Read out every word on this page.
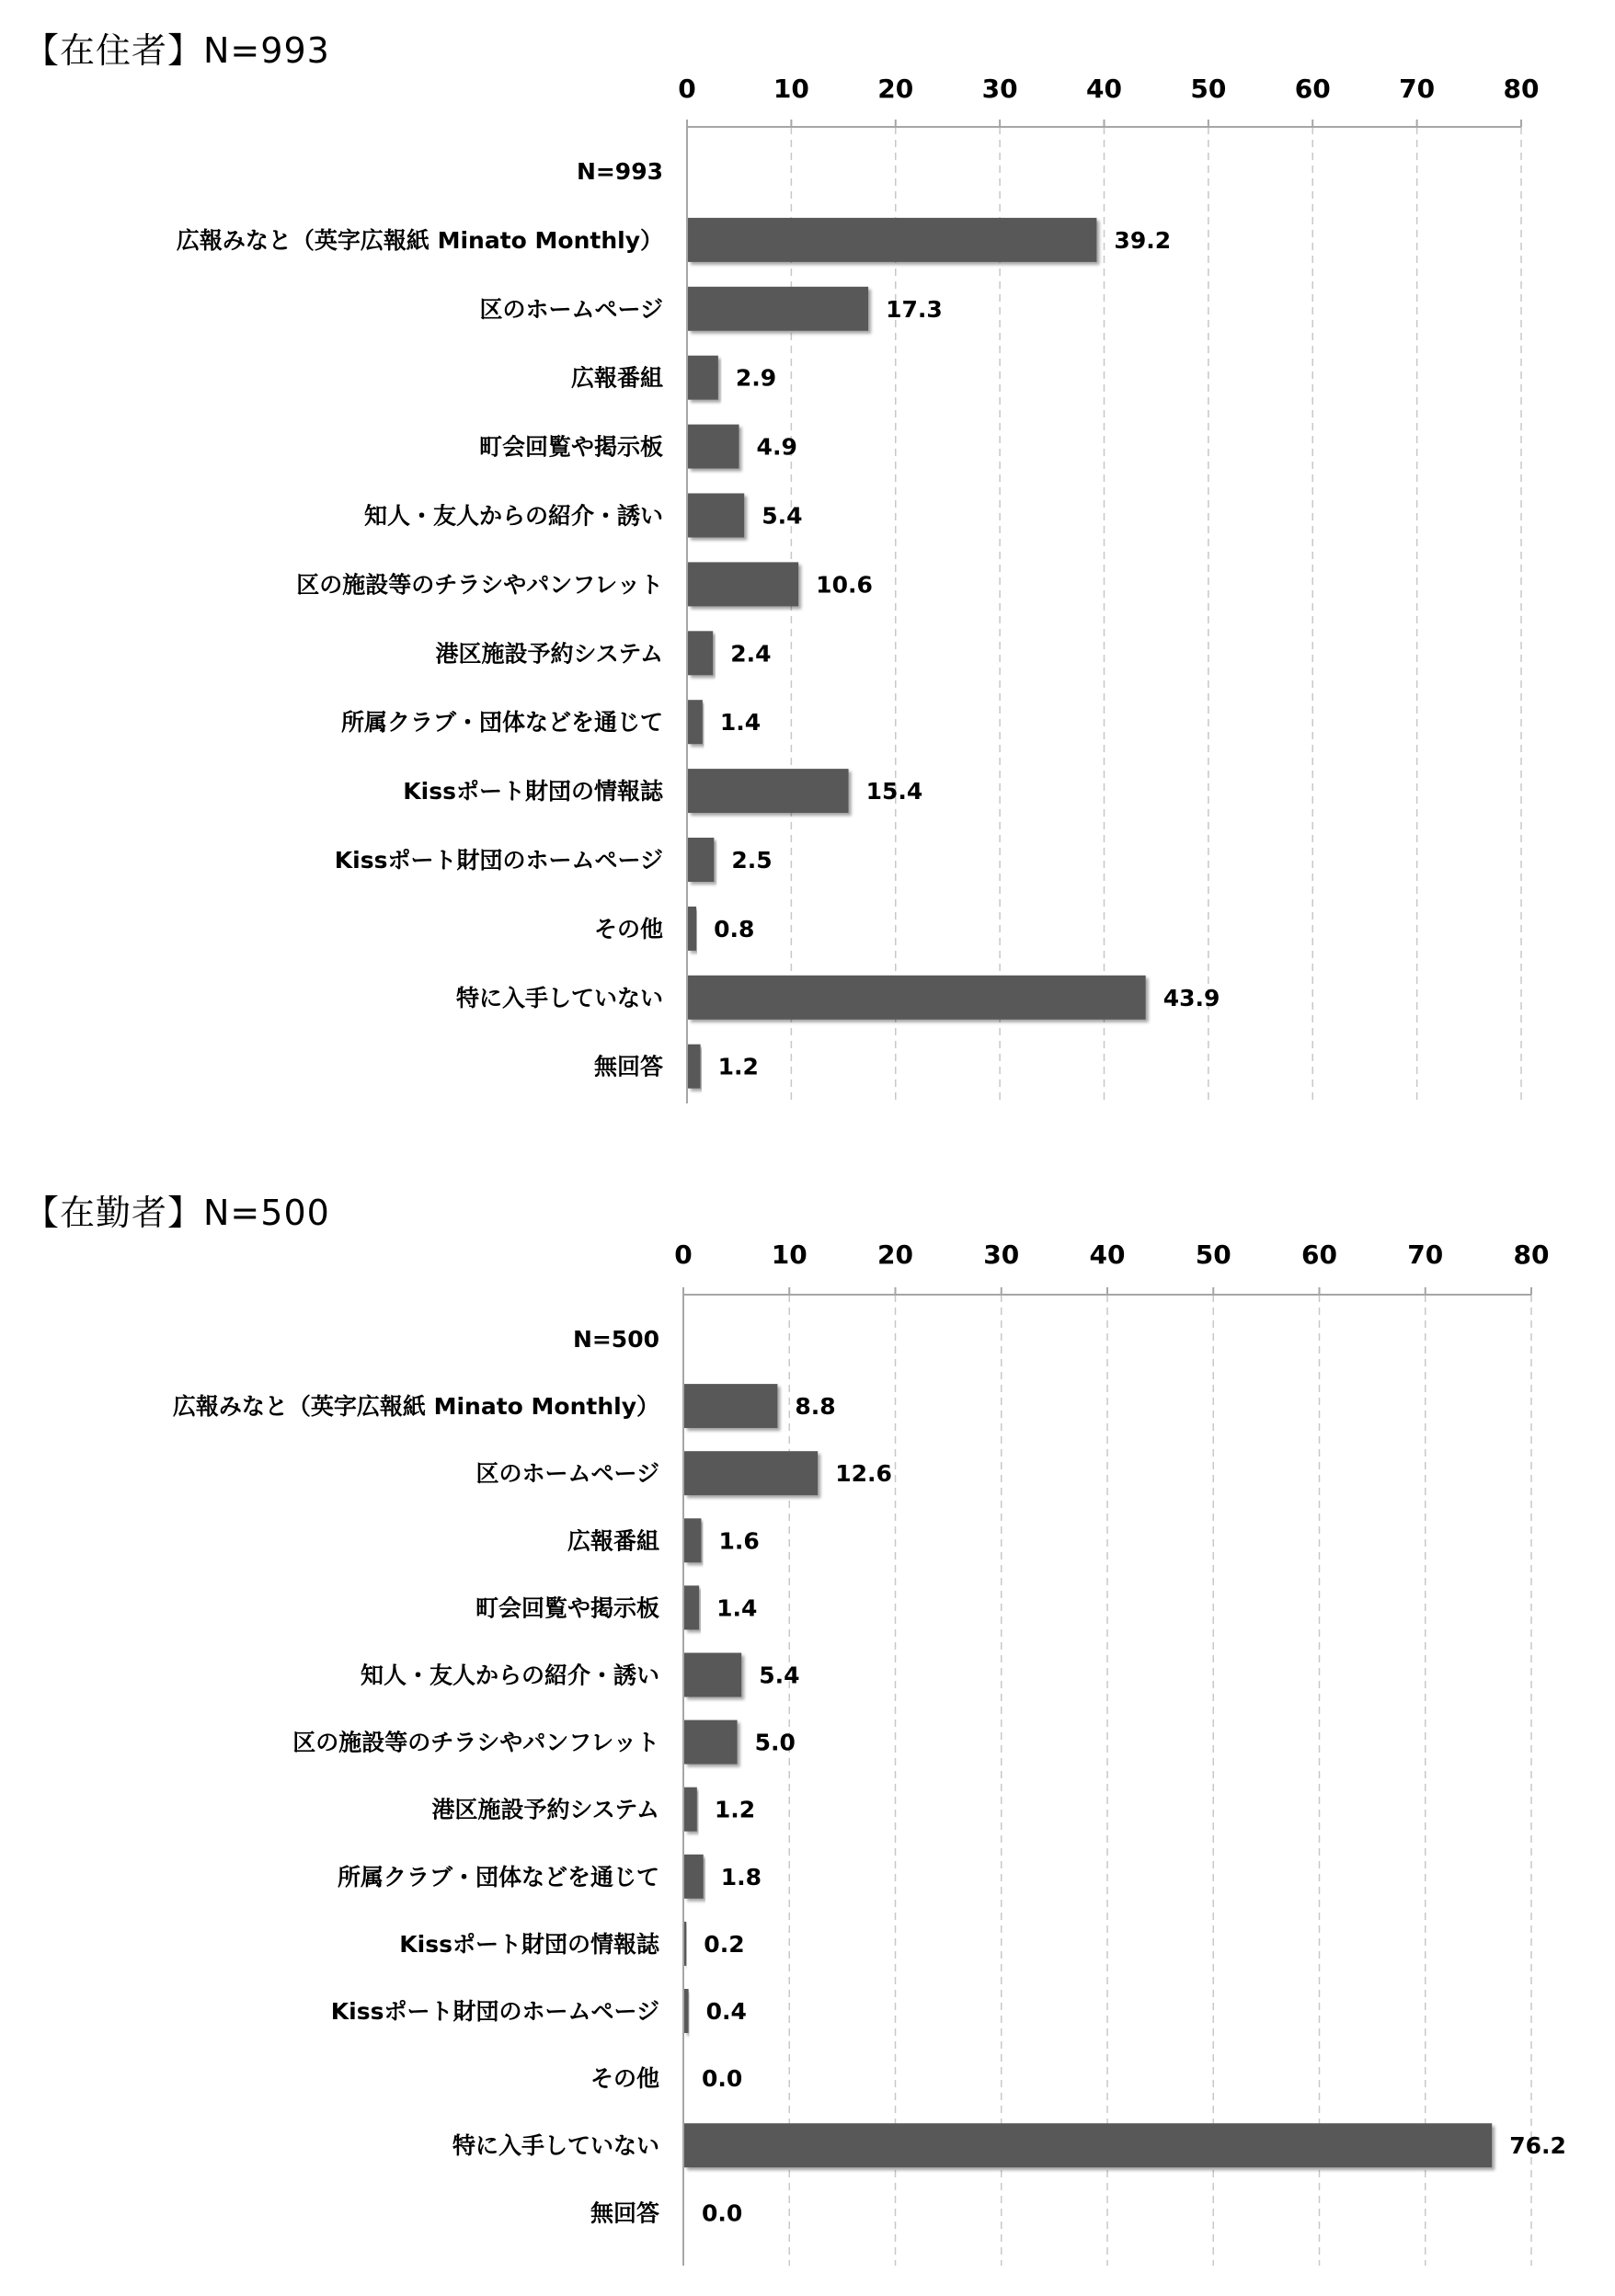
【在住者】N=993
0	10	20	30	40	50	60	70	80
N=993
広報みなと（英字広報紙 Minato Monthly）	39.2
区のホームページ	17.3
広報番組	2.9
町会回覧や掲示板	4.9
知人・友人からの紹介・誘い	5.4
区の施設等のチラシやパンフレット	10.6
港区施設予約システム	2.4
所属クラブ・団体などを通じて 1.4
Kissポート財団の情報誌	15.4
Kissポート財団のホームページ	2.5
その他 0.8
特に入手していない	43.9
無回答 1.2
【在勤者】N=500
0	10	20	30	40	50	60	70	80
N=500
広報みなと（英字広報紙 Minato Monthly）	8.8
区のホームページ	12.6
広報番組	1.6
町会回覧や掲示板 1.4
知人・友人からの紹介・誘い	5.4
区の施設等のチラシやパンフレット	5.0
港区施設予約システム 1.2
所属クラブ・団体などを通じて	1.8
Kissポート財団の情報誌 0.2
Kissポート財団のホームページ 0.4
その他 0.0
特に入手していない	76.2
無回答 0.0
